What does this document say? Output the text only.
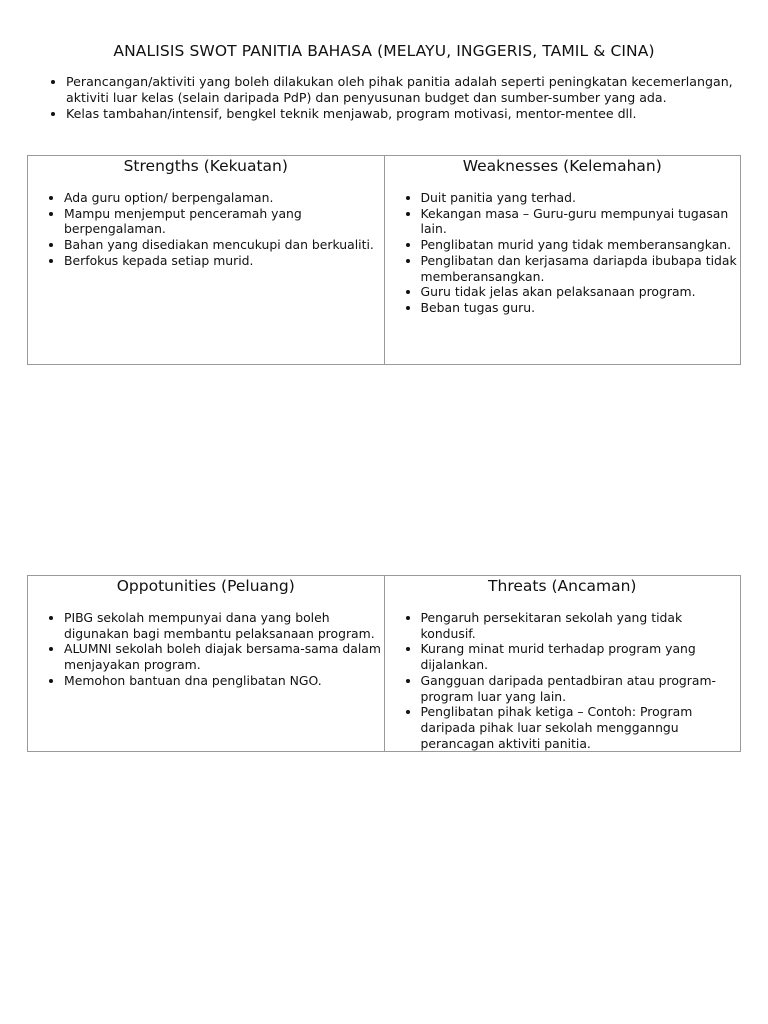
ANALISIS SWOT PANITIA BAHASA (MELAYU, INGGERIS, TAMIL & CINA)
• Perancangan/aktiviti yang boleh dilakukan oleh pihak panitia adalah seperti peningkatan kecemerlangan, aktiviti luar kelas (selain daripada PdP) dan penyusunan budget dan sumber-sumber yang ada.
• Kelas tambahan/intensif, bengkel teknik menjawab, program motivasi, mentor-mentee dll.
Strengths (Kekuatan)
• Ada guru option/ berpengalaman.
• Mampu menjemput penceramah yang berpengalaman.
• Bahan yang disediakan mencukupi dan berkualiti.
• Berfokus kepada setiap murid.

Weaknesses (Kelemahan)
• Duit panitia yang terhad.
• Kekangan masa – Guru-guru mempunyai tugasan lain.
• Penglibatan murid yang tidak memberansangkan.
• Penglibatan dan kerjasama dariapda ibubapa tidak memberansangkan.
• Guru tidak jelas akan pelaksanaan program.
• Beban tugas guru.
Oppotunities (Peluang)
• PIBG sekolah mempunyai dana yang boleh digunakan bagi membantu pelaksanaan program.
• ALUMNI sekolah boleh diajak bersama-sama dalam menjayakan program.
• Memohon bantuan dna penglibatan NGO.

Threats (Ancaman)
• Pengaruh persekitaran sekolah yang tidak kondusif.
• Kurang minat murid terhadap program yang dijalankan.
• Gangguan daripada pentadbiran atau program-program luar yang lain.
• Penglibatan pihak ketiga – Contoh: Program daripada pihak luar sekolah mengganngu perancagan aktiviti panitia.
